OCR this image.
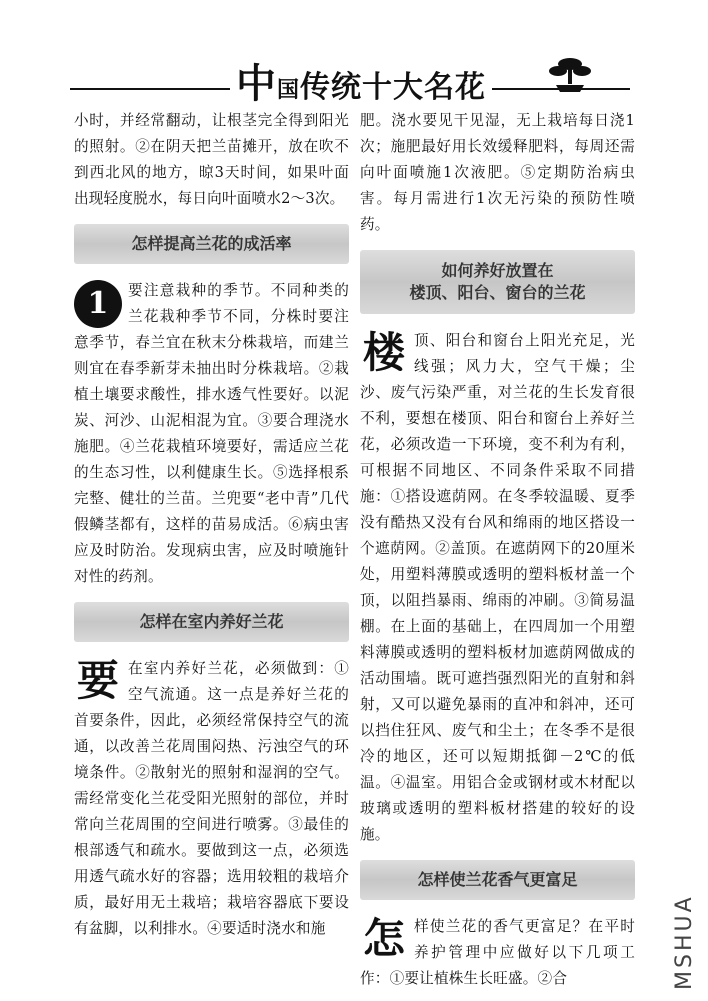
中国传统十大名花

小时，并经常翻动，让根茎完全得到阳光的照射。②在阴天把兰苗摊开，放在吹不到西北风的地方，晾3天时间，如果叶面出现轻度脱水，每日向叶面喷水2～3次。

怎样提高兰花的成活率

1	要注意栽种的季节。不同种类的兰花栽种季节不同，分株时要注意季节，春兰宜在秋末分株栽培，而建兰则宜在春季新芽未抽出时分株栽培。②栽植土壤要求酸性，排水透气性要好。以泥炭、河沙、山泥相混为宜。③要合理浇水施肥。④兰花栽植环境要好，需适应兰花的生态习性，以利健康生长。⑤选择根系完整、健壮的兰苗。兰兜要“老中青”几代假鳞茎都有，这样的苗易成活。⑥病虫害应及时防治。发现病虫害，应及时喷施针对性的药剂。

怎样在室内养好兰花

要在室内养好兰花，必须做到：①空气流通。这一点是养好兰花的首要条件，因此，必须经常保持空气的流通，以改善兰花周围闷热、污浊空气的环境条件。②散射光的照射和湿润的空气。需经常变化兰花受阳光照射的部位，并时常向兰花周围的空间进行喷雾。③最佳的根部透气和疏水。要做到这一点，必须选用透气疏水好的容器；选用较粗的栽培介质，最好用无土栽培；栽培容器底下要设有盆脚，以利排水。④要适时浇水和施

肥。浇水要见干见湿，无上栽培每日浇1次；施肥最好用长效缓释肥料，每周还需向叶面喷施1次液肥。⑤定期防治病虫害。每月需进行1次无污染的预防性喷药。

如何养好放置在
楼顶、阳台、窗台的兰花

楼顶、阳台和窗台上阳光充足，光线强；风力大，空气干燥；尘沙、废气污染严重，对兰花的生长发育很不利，要想在楼顶、阳台和窗台上养好兰花，必须改造一下环境，变不利为有利，可根据不同地区、不同条件采取不同措施：①搭设遮荫网。在冬季较温暖、夏季没有酷热又没有台风和绵雨的地区搭设一个遮荫网。②盖顶。在遮荫网下的20厘米处，用塑料薄膜或透明的塑料板材盖一个顶，以阻挡暴雨、绵雨的冲刷。③简易温棚。在上面的基础上，在四周加一个用塑料薄膜或透明的塑料板材加遮荫网做成的活动围墙。既可遮挡强烈阳光的直射和斜射，又可以避免暴雨的直冲和斜冲，还可以挡住狂风、废气和尘土；在冬季不是很冷的地区，还可以短期抵御－2℃的低温。④温室。用铝合金或钢材或木材配以玻璃或透明的塑料板材搭建的较好的设施。

怎样使兰花香气更富足

怎样使兰花的香气更富足？在平时养护管理中应做好以下几项工作：①要让植株生长旺盛。②合	MSHUA
